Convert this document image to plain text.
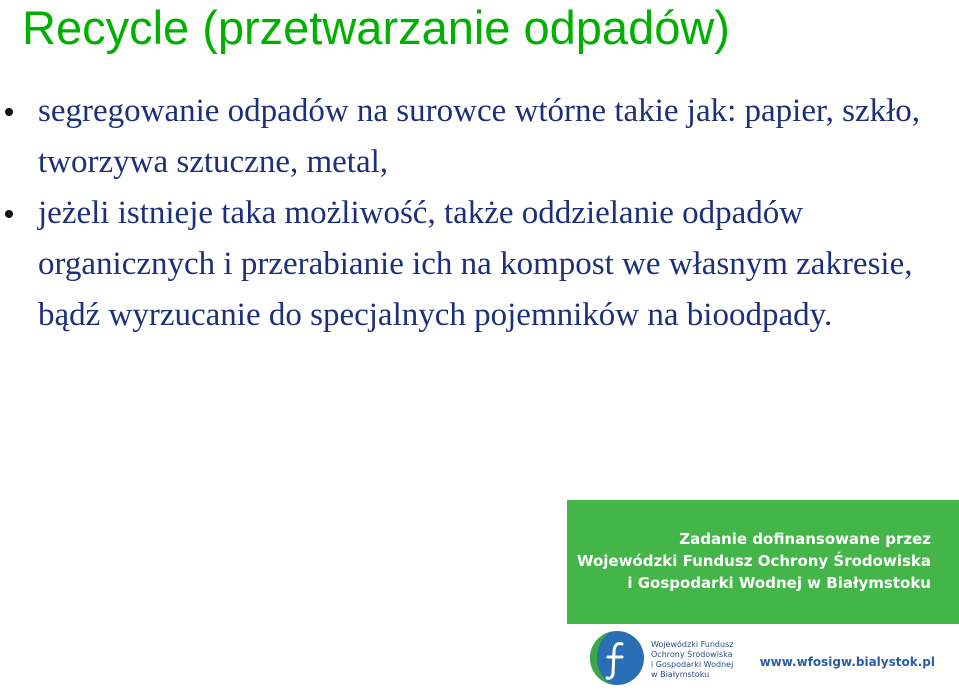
Recycle (przetwarzanie odpadów)
segregowanie odpadów na surowce wtórne takie jak: papier, szkło, tworzywa sztuczne, metal,
jeżeli istnieje taka możliwość, także oddzielanie odpadów organicznych i przerabianie ich na kompost we własnym zakresie, bądź wyrzucanie do specjalnych pojemników na bioodpady.
Zadanie dofinansowane przez
Wojewódzki Fundusz Ochrony Środowiska
i Gospodarki Wodnej w Białymstoku
Wojewódzki Fundusz
Ochrony Środowiska
i Gospodarki Wodnej
w Białymstoku
www.wfosigw.bialystok.pl
